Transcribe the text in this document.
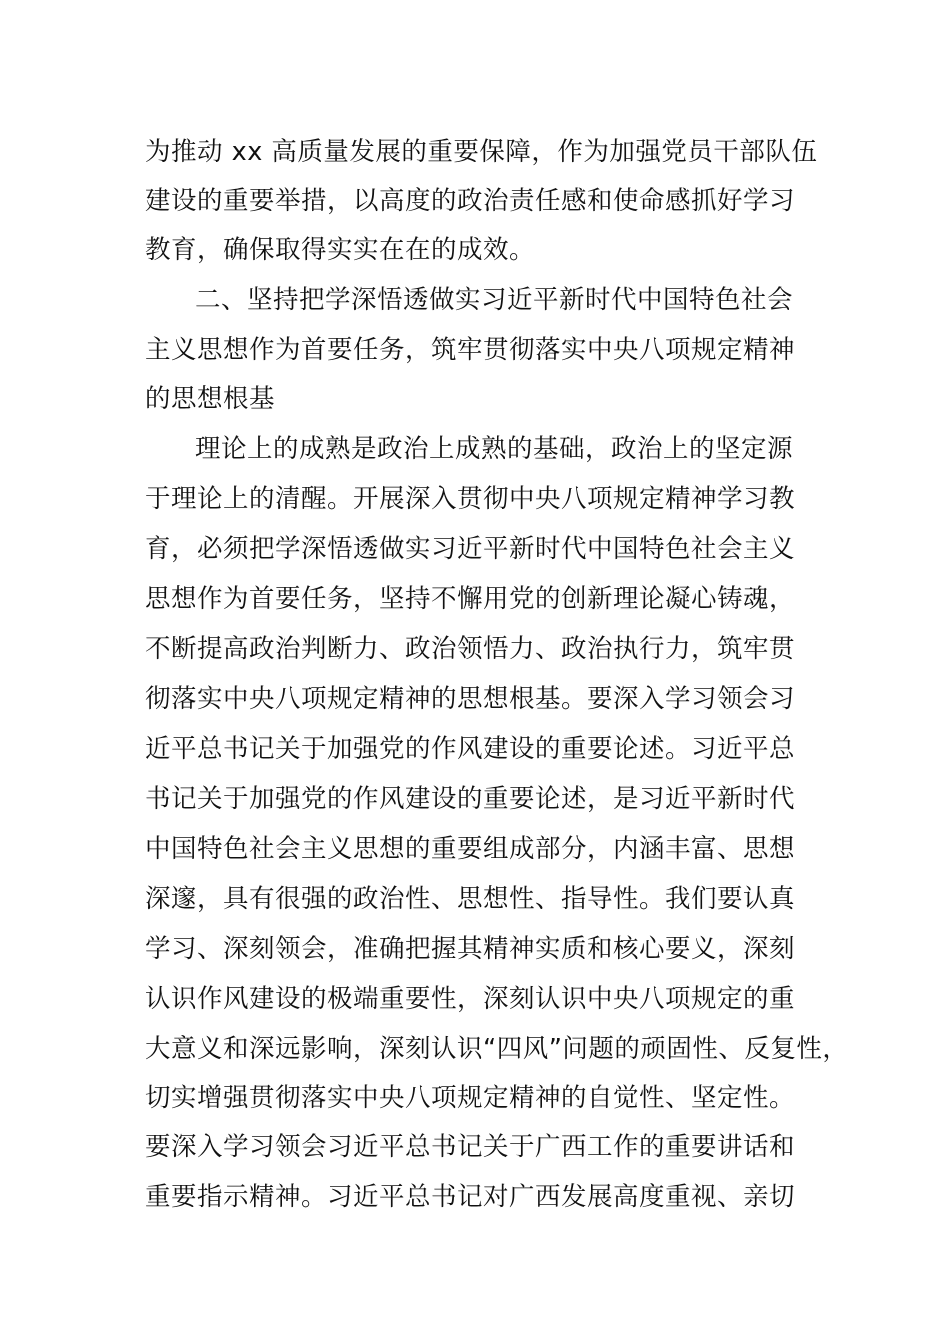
为推动 xx 高质量发展的重要保障，作为加强党员干部队伍
建设的重要举措，以高度的政治责任感和使命感抓好学习
教育，确保取得实实在在的成效。
二、坚持把学深悟透做实习近平新时代中国特色社会
主义思想作为首要任务，筑牢贯彻落实中央八项规定精神
的思想根基
理论上的成熟是政治上成熟的基础，政治上的坚定源
于理论上的清醒。开展深入贯彻中央八项规定精神学习教
育，必须把学深悟透做实习近平新时代中国特色社会主义
思想作为首要任务，坚持不懈用党的创新理论凝心铸魂，
不断提高政治判断力、政治领悟力、政治执行力，筑牢贯
彻落实中央八项规定精神的思想根基。要深入学习领会习
近平总书记关于加强党的作风建设的重要论述。习近平总
书记关于加强党的作风建设的重要论述，是习近平新时代
中国特色社会主义思想的重要组成部分，内涵丰富、思想
深邃，具有很强的政治性、思想性、指导性。我们要认真
学习、深刻领会，准确把握其精神实质和核心要义，深刻
认识作风建设的极端重要性，深刻认识中央八项规定的重
大意义和深远影响，深刻认识“四风”问题的顽固性、反复性，
切实增强贯彻落实中央八项规定精神的自觉性、坚定性。
要深入学习领会习近平总书记关于广西工作的重要讲话和
重要指示精神。习近平总书记对广西发展高度重视、亲切
